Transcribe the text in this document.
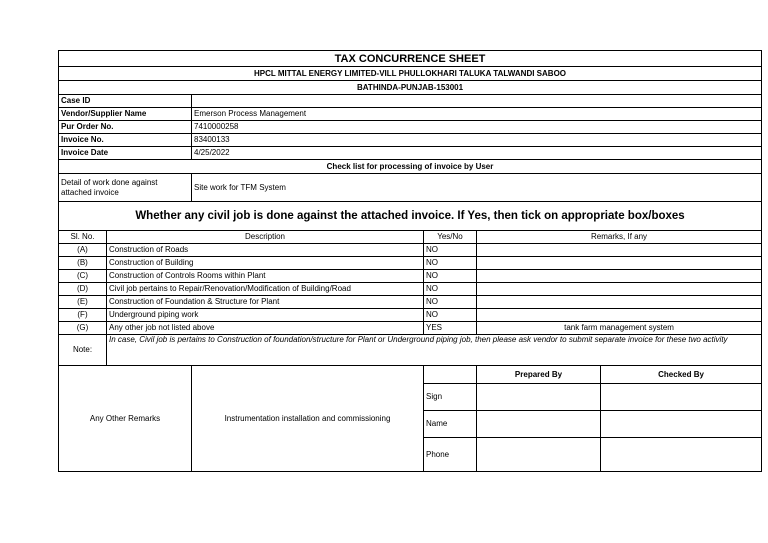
TAX CONCURRENCE SHEET					
HPCL MITTAL ENERGY LIMITED-VILL PHULLOKHARI TALUKA TALWANDI SABOO					
BATHINDA-PUNJAB-153001					
Case ID					
Vendor/Supplier Name		Emerson Process Management			
Pur Order No.		7410000258			
Invoice No.		83400133			
Invoice Date		4/25/2022			
Check list for processing of invoice by User					
Detail of work done against attached invoice		Site work for TFM System			
Whether any civil job is done against the attached invoice. If Yes, then tick on appropriate box/boxes					
Sl. No.	Description		Yes/No	Remarks, If any	
(A)	Construction of Roads		NO		
(B)	Construction of Building		NO		
(C)	Construction of Controls Rooms within Plant		NO		
(D)	Civil job pertains to Repair/Renovation/Modification of Building/Road		NO		
(E)	Construction of Foundation & Structure for Plant		NO		
(F)	Underground piping work		NO		
(G)	Any other job not listed above		YES	tank farm management system	
Note:	In case, Civil job is pertains to Construction of foundation/structure for Plant or Underground piping job, then please ask vendor to submit separate invoice for these two activity				
Any Other Remarks		Instrumentation installation and commissioning		Prepared By	Checked By
			Sign		
			Name		
			Phone		
